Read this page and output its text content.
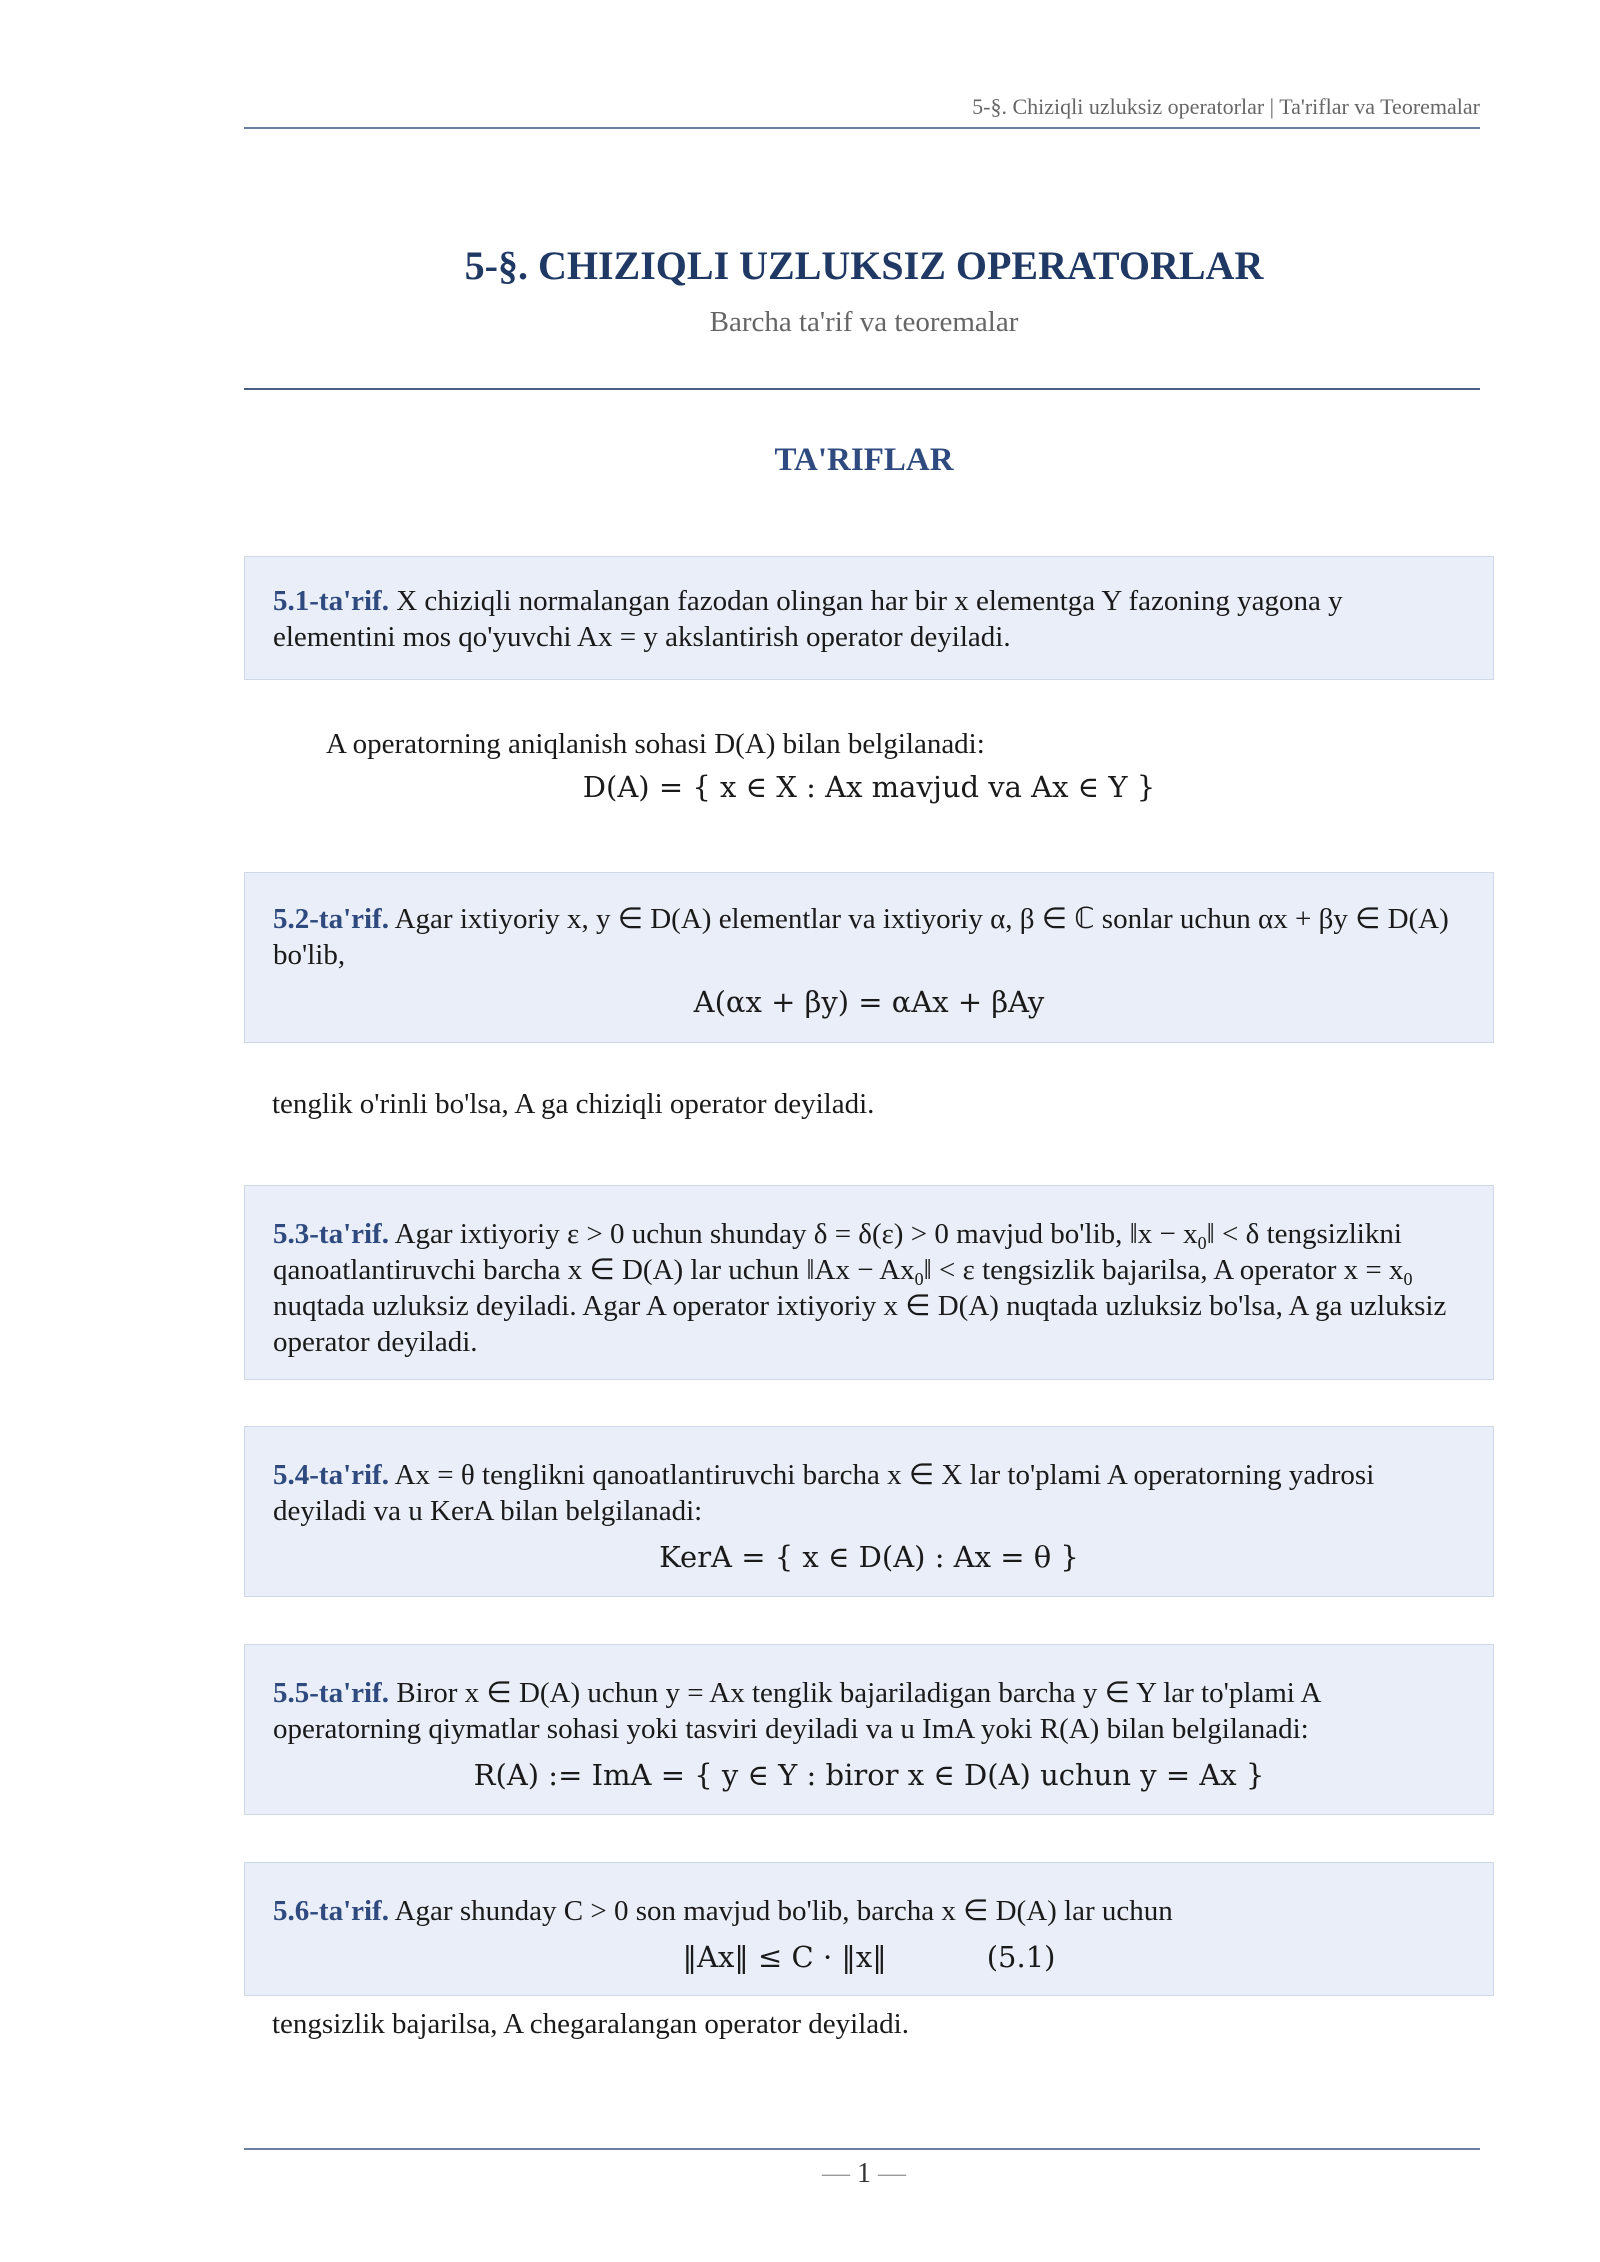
5-§. Chiziqli uzluksiz operatorlar | Ta'riflar va Teoremalar
5-§. CHIZIQLI UZLUKSIZ OPERATORLAR
Barcha ta'rif va teoremalar
TA'RIFLAR
5.1-ta'rif. X chiziqli normalangan fazodan olingan har bir x elementga Y fazoning yagona y elementini mos qo'yuvchi Ax = y akslantirish operator deyiladi.
A operatorning aniqlanish sohasi D(A) bilan belgilanadi:
D(A) = { x ∈ X : Ax mavjud va Ax ∈ Y }
5.2-ta'rif. Agar ixtiyoriy x, y ∈ D(A) elementlar va ixtiyoriy α, β ∈ ℂ sonlar uchun αx + βy ∈ D(A) bo'lib,
A(αx + βy) = αAx + βAy
tenglik o'rinli bo'lsa, A ga chiziqli operator deyiladi.
5.3-ta'rif. Agar ixtiyoriy ε > 0 uchun shunday δ = δ(ε) > 0 mavjud bo'lib, ‖x − $x_0‖ < \delta$ tengsizlikni qanoatlantiruvchi barcha x ∈ D(A) lar uchun ‖Ax − $Ax_0‖ < \varepsilon$ tengsizlik bajarilsa, A operator $x = x_0$ nuqtada uzluksiz deyiladi. Agar A operator ixtiyoriy x ∈ D(A) nuqtada uzluksiz bo'lsa, A ga uzluksiz operator deyiladi.
5.4-ta'rif. Ax = θ tenglikni qanoatlantiruvchi barcha x ∈ X lar to'plami A operatorning yadrosi deyiladi va u KerA bilan belgilanadi:
KerA = { x ∈ D(A) : Ax = θ }
5.5-ta'rif. Biror x ∈ D(A) uchun y = Ax tenglik bajariladigan barcha y ∈ Y lar to'plami A operatorning qiymatlar sohasi yoki tasviri deyiladi va u ImA yoki R(A) bilan belgilanadi:
R(A) := ImA = { y ∈ Y : biror x ∈ D(A) uchun y = Ax }
5.6-ta'rif. Agar shunday C > 0 son mavjud bo'lib, barcha x ∈ D(A) lar uchun
‖Ax‖ ≤ C · ‖x‖	(5.1)
tengsizlik bajarilsa, A chegaralangan operator deyiladi.
— 1 —
